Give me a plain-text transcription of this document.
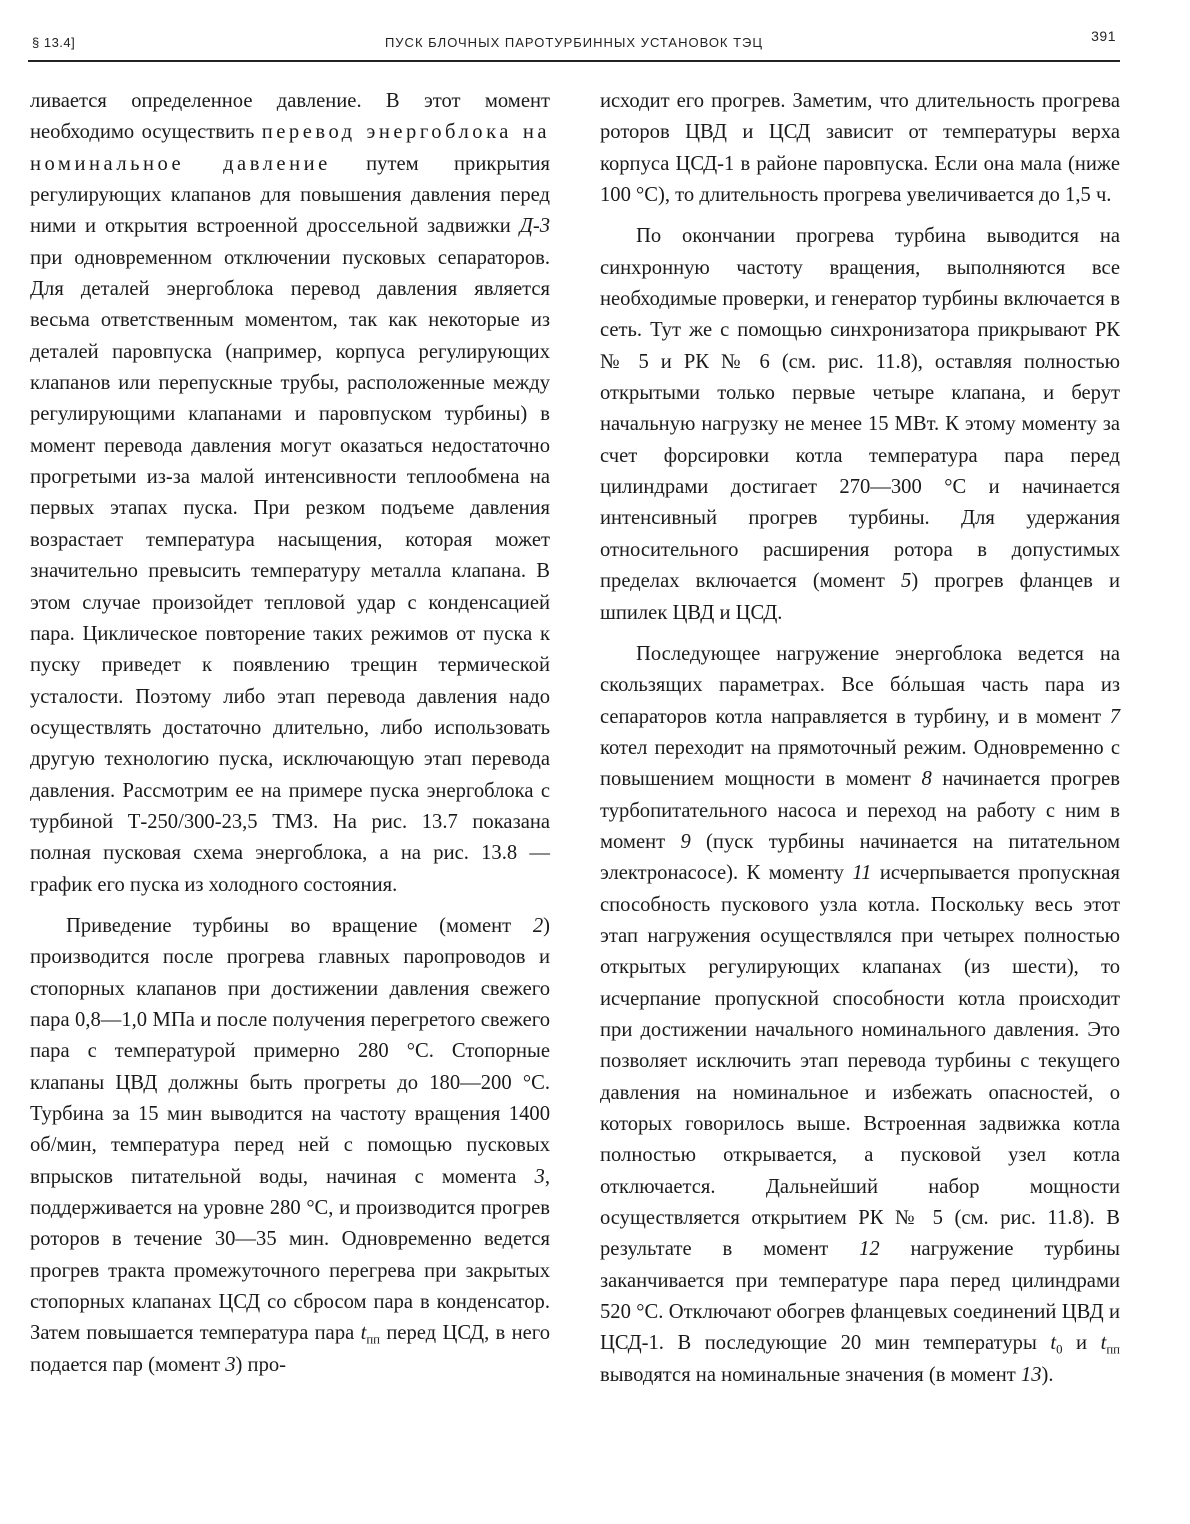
§ 13.4]	ПУСК БЛОЧНЫХ ПАРОТУРБИННЫХ УСТАНОВОК ТЭЦ	391

ливается определенное давление. В этот момент необходимо осуществить перевод энергоблока на номинальное давление путем прикрытия регулирующих клапанов для повышения давления перед ними и открытия встроенной дроссельной задвижки Д-3 при одновременном отключении пусковых сепараторов. Для деталей энергоблока перевод давления является весьма ответственным моментом, так как некоторые из деталей паровпуска (например, корпуса регулирующих клапанов или перепускные трубы, расположенные между регулирующими клапанами и паровпуском турбины) в момент перевода давления могут оказаться недостаточно прогретыми из-за малой интенсивности теплообмена на первых этапах пуска. При резком подъеме давления возрастает температура насыщения, которая может значительно превысить температуру металла клапана. В этом случае произойдет тепловой удар с конденсацией пара. Циклическое повторение таких режимов от пуска к пуску приведет к появлению трещин термической усталости. Поэтому либо этап перевода давления надо осуществлять достаточно длительно, либо использовать другую технологию пуска, исключающую этап перевода давления. Рассмотрим ее на примере пуска энергоблока с турбиной Т-250/300-23,5 ТМЗ. На рис. 13.7 показана полная пусковая схема энергоблока, а на рис. 13.8 — график его пуска из холодного состояния.

Приведение турбины во вращение (момент 2) производится после прогрева главных паропроводов и стопорных клапанов при достижении давления свежего пара 0,8—1,0 МПа и после получения перегретого свежего пара с температурой примерно 280 °С. Стопорные клапаны ЦВД должны быть прогреты до 180—200 °С. Турбина за 15 мин выводится на частоту вращения 1400 об/мин, температура перед ней с помощью пусковых впрысков питательной воды, начиная с момента 3, поддерживается на уровне 280 °С, и производится прогрев роторов в течение 30—35 мин. Одновременно ведется прогрев тракта промежуточного перегрева при закрытых стопорных клапанах ЦСД со сбросом пара в конденсатор. Затем повышается температура пара $t_{пп}$ перед ЦСД, в него подается пар (момент 3) про-

исходит его прогрев. Заметим, что длительность прогрева роторов ЦВД и ЦСД зависит от температуры верха корпуса ЦСД-1 в районе паровпуска. Если она мала (ниже 100 °С), то длительность прогрева увеличивается до 1,5 ч.

По окончании прогрева турбина выводится на синхронную частоту вращения, выполняются все необходимые проверки, и генератор турбины включается в сеть. Тут же с помощью синхронизатора прикрывают РК № 5 и РК № 6 (см. рис. 11.8), оставляя полностью открытыми только первые четыре клапана, и берут начальную нагрузку не менее 15 МВт. К этому моменту за счет форсировки котла температура пара перед цилиндрами достигает 270—300 °С и начинается интенсивный прогрев турбины. Для удержания относительного расширения ротора в допустимых пределах включается (момент 5) прогрев фланцев и шпилек ЦВД и ЦСД.

Последующее нагружение энергоблока ведется на скользящих параметрах. Все бóльшая часть пара из сепараторов котла направляется в турбину, и в момент 7 котел переходит на прямоточный режим. Одновременно с повышением мощности в момент 8 начинается прогрев турбопитательного насоса и переход на работу с ним в момент 9 (пуск турбины начинается на питательном электронасосе). К моменту 11 исчерпывается пропускная способность пускового узла котла. Поскольку весь этот этап нагружения осуществлялся при четырех полностью открытых регулирующих клапанах (из шести), то исчерпание пропускной способности котла происходит при достижении начального номинального давления. Это позволяет исключить этап перевода турбины с текущего давления на номинальное и избежать опасностей, о которых говорилось выше. Встроенная задвижка котла полностью открывается, а пусковой узел котла отключается. Дальнейший набор мощности осуществляется открытием РК № 5 (см. рис. 11.8). В результате в момент 12 нагружение турбины заканчивается при температуре пара перед цилиндрами 520 °С. Отключают обогрев фланцевых соединений ЦВД и ЦСД-1. В последующие 20 мин температуры $t_0$ и $t_{пп}$ выводятся на номинальные значения (в момент 13).
